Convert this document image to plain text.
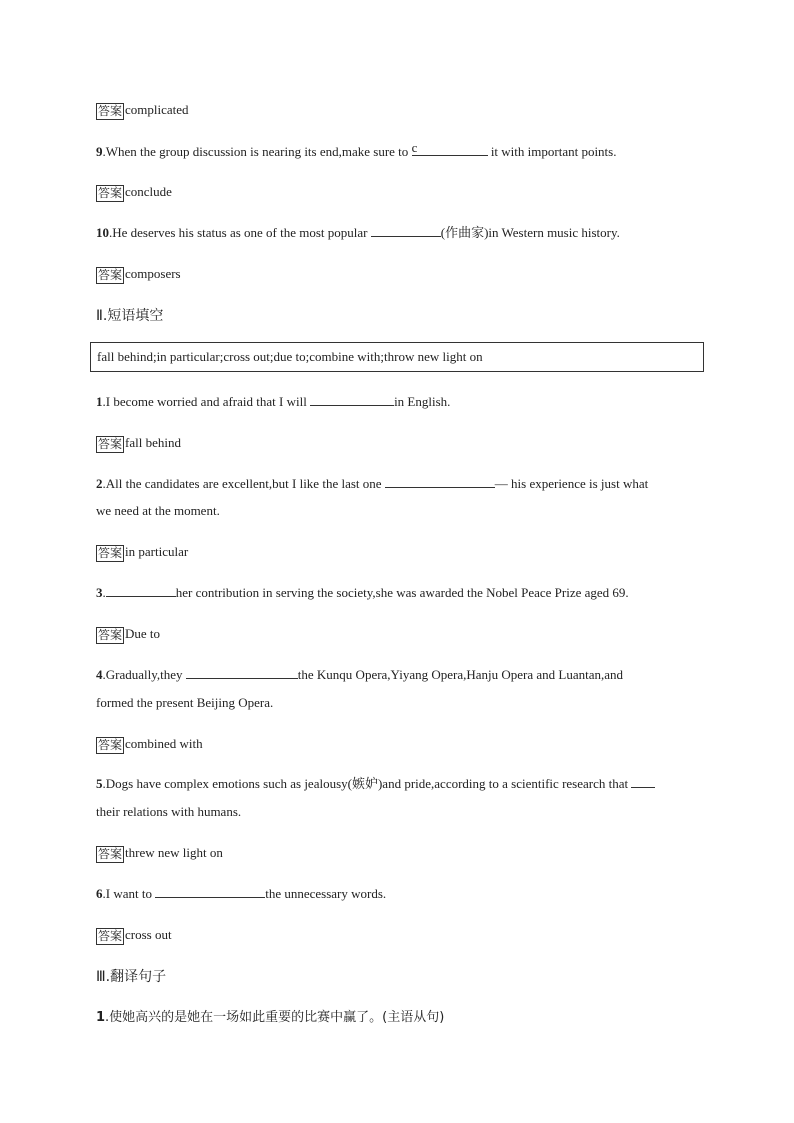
答案 complicated
9.When the group discussion is nearing its end,make sure to c	it with important points.
答案 conclude
10.He deserves his status as one of the most popular	(作曲家)in Western music history.
答案 composers
Ⅱ.短语填空
fall behind;in particular;cross out;due to;combine with;throw new light on
1.I become worried and afraid that I will	in English.
答案 fall behind
2.All the candidates are excellent,but I like the last one	— his experience is just what
we need at the moment.
答案 in particular
3.	her contribution in serving the society,she was awarded the Nobel Peace Prize aged 69.
答案 Due to
4.Gradually,they	the Kunqu Opera,Yiyang Opera,Hanju Opera and Luantan,and
formed the present Beijing Opera.
答案 combined with
5.Dogs have complex emotions such as jealousy(嫉妒)and pride,according to a scientific research that
their relations with humans.
答案 threw new light on
6.I want to	the unnecessary words.
答案 cross out
Ⅲ.翻译句子
1.使她高兴的是她在一场如此重要的比赛中赢了。(主语从句)
